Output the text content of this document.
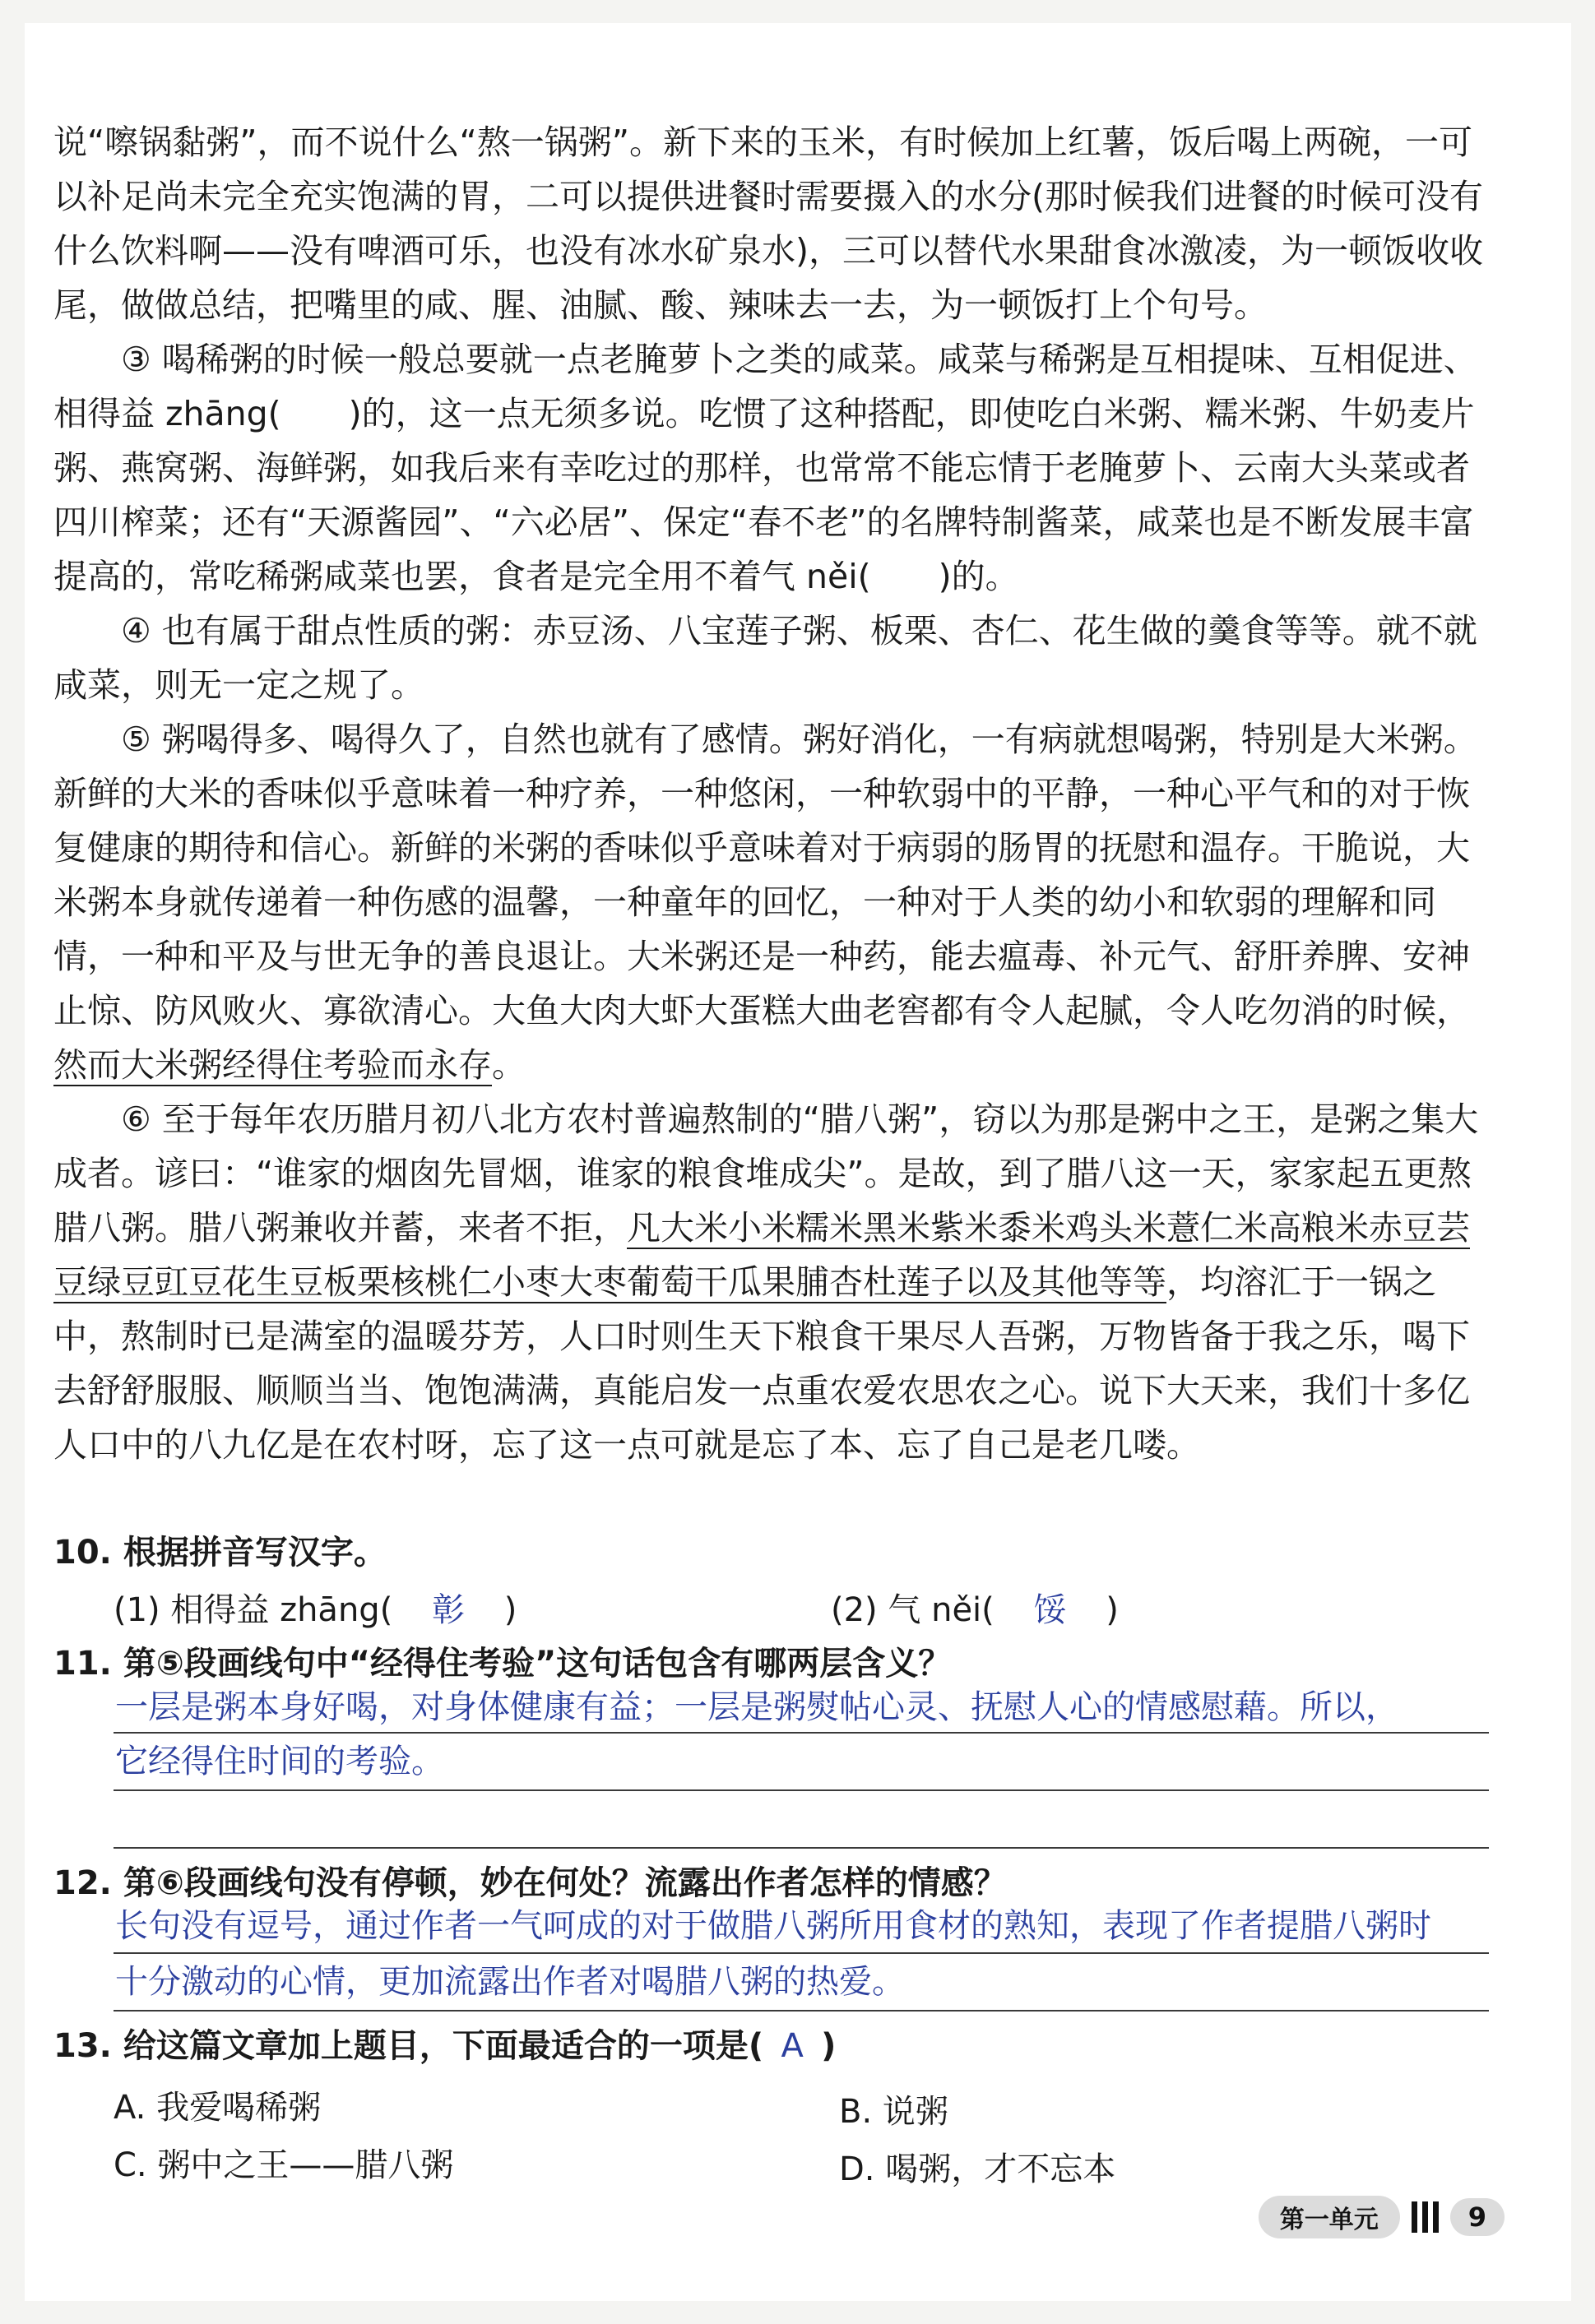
说“嚓锅黏粥”，而不说什么“熬一锅粥”。新下来的玉米，有时候加上红薯，饭后喝上两碗，一可以补足尚未完全充实饱满的胃，二可以提供进餐时需要摄入的水分(那时候我们进餐的时候可没有什么饮料啊——没有啤酒可乐，也没有冰水矿泉水)，三可以替代水果甜食冰激凌，为一顿饭收收尾，做做总结，把嘴里的咸、腥、油腻、酸、辣味去一去，为一顿饭打上个句号。

③ 喝稀粥的时候一般总要就一点老腌萝卜之类的咸菜。咸菜与稀粥是互相提味、互相促进、相得益 zhāng(　　)的，这一点无须多说。吃惯了这种搭配，即使吃白米粥、糯米粥、牛奶麦片粥、燕窝粥、海鲜粥，如我后来有幸吃过的那样，也常常不能忘情于老腌萝卜、云南大头菜或者四川榨菜；还有“天源酱园”、“六必居”、保定“春不老”的名牌特制酱菜，咸菜也是不断发展丰富提高的，常吃稀粥咸菜也罢，食者是完全用不着气 něi(　　)的。

④ 也有属于甜点性质的粥：赤豆汤、八宝莲子粥、板栗、杏仁、花生做的羹食等等。就不就咸菜，则无一定之规了。

⑤ 粥喝得多、喝得久了，自然也就有了感情。粥好消化，一有病就想喝粥，特别是大米粥。新鲜的大米的香味似乎意味着一种疗养，一种悠闲，一种软弱中的平静，一种心平气和的对于恢复健康的期待和信心。新鲜的米粥的香味似乎意味着对于病弱的肠胃的抚慰和温存。干脆说，大米粥本身就传递着一种伤感的温馨，一种童年的回忆，一种对于人类的幼小和软弱的理解和同情，一种和平及与世无争的善良退让。大米粥还是一种药，能去瘟毒、补元气、舒肝养脾、安神止惊、防风败火、寡欲清心。大鱼大肉大虾大蛋糕大曲老窖都有令人起腻，令人吃勿消的时候，然而大米粥经得住考验而永存。

⑥ 至于每年农历腊月初八北方农村普遍熬制的“腊八粥”，窃以为那是粥中之王，是粥之集大成者。谚曰：“谁家的烟囱先冒烟，谁家的粮食堆成尖”。是故，到了腊八这一天，家家起五更熬腊八粥。腊八粥兼收并蓄，来者不拒，凡大米小米糯米黑米紫米黍米鸡头米薏仁米高粮米赤豆芸豆绿豆豇豆花生豆板栗核桃仁小枣大枣葡萄干瓜果脯杏杜莲子以及其他等等，均溶汇于一锅之中，熬制时已是满室的温暖芬芳，人口时则生天下粮食干果尽人吾粥，万物皆备于我之乐，喝下去舒舒服服、顺顺当当、饱饱满满，真能启发一点重农爱农思农之心。说下大天来，我们十多亿人口中的八九亿是在农村呀，忘了这一点可就是忘了本、忘了自己是老几喽。

10. 根据拼音写汉字。
(1) 相得益 zhāng( 彰 )	(2) 气 něi( 馁 )
11. 第⑤段画线句中“经得住考验”这句话包含有哪两层含义？
一层是粥本身好喝，对身体健康有益；一层是粥熨帖心灵、抚慰人心的情感慰藉。所以，
它经得住时间的考验。
12. 第⑥段画线句没有停顿，妙在何处？流露出作者怎样的情感？
长句没有逗号，通过作者一气呵成的对于做腊八粥所用食材的熟知，表现了作者提腊八粥时
十分激动的心情，更加流露出作者对喝腊八粥的热爱。
13. 给这篇文章加上题目，下面最适合的一项是( A )
A. 我爱喝稀粥	B. 说粥
C. 粥中之王——腊八粥	D. 喝粥，才不忘本
第一单元	9
